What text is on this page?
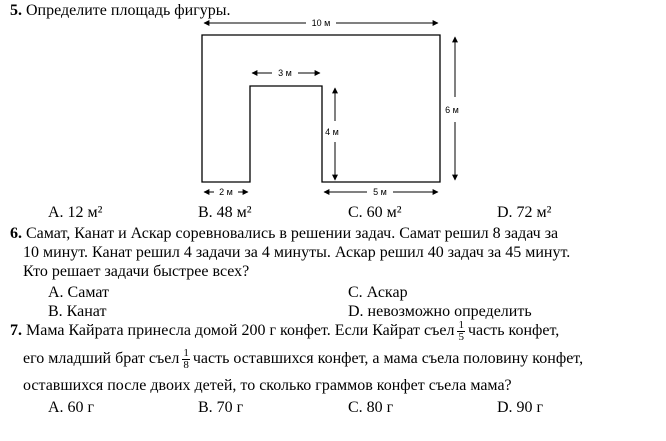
5. Определите площадь фигуры.
10 м
3 м
6 м
4 м
2 м	5 м
A. 12 м²	B. 48 м²	C. 60 м²	D. 72 м²
6. Самат, Канат и Аскар соревновались в решении задач. Самат решил 8 задач за
10 минут. Канат решил 4 задачи за 4 минуты. Аскар решил 40 задач за 45 минут.
Кто решает задачи быстрее всех?
A. Самат	C. Аскар
B. Канат	D. невозможно определить
7. Мама Кайрата принесла домой 200 г конфет. Если Кайрат съел $\frac{1}{5}$ часть конфет,
его младший брат съел $\frac{1}{8}$ часть оставшихся конфет, а мама съела половину конфет,
оставшихся после двоих детей, то сколько граммов конфет съела мама?
A. 60 г	B. 70 г	C. 80 г	D. 90 г
